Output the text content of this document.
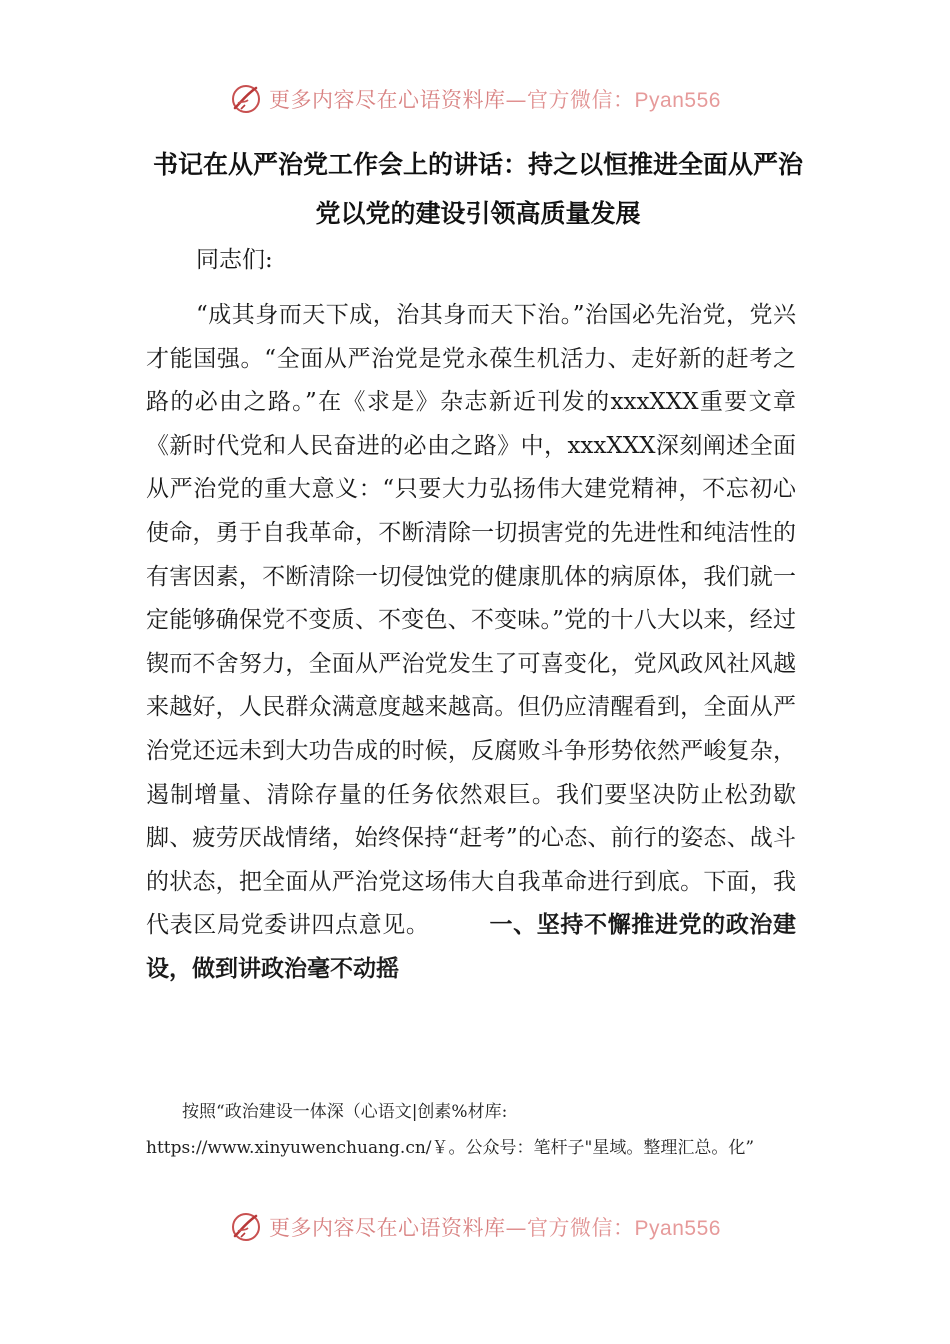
更多内容尽在心语资料库—官方微信：Pyan556
书记在从严治党工作会上的讲话：持之以恒推进全面从严治党以党的建设引领高质量发展
同志们:

“成其身而天下成，治其身而天下治。”治国必先治党，党兴才能国强。“全面从严治党是党永葆生机活力、走好新的赶考之路的必由之路。”在《求是》杂志新近刊发的xxxXXX重要文章《新时代党和人民奋进的必由之路》中，xxxXXX深刻阐述全面从严治党的重大意义：“只要大力弘扬伟大建党精神，不忘初心使命，勇于自我革命，不断清除一切损害党的先进性和纯洁性的有害因素，不断清除一切侵蚀党的健康肌体的病原体，我们就一定能够确保党不变质、不变色、不变味。”党的十八大以来，经过锲而不舍努力，全面从严治党发生了可喜变化，党风政风社风越来越好，人民群众满意度越来越高。但仍应清醒看到，全面从严治党还远未到大功告成的时候，反腐败斗争形势依然严峻复杂，遏制增量、清除存量的任务依然艰巨。我们要坚决防止松劲歇脚、疲劳厌战情绪，始终保持“赶考”的心态、前行的姿态、战斗的状态，把全面从严治党这场伟大自我革命进行到底。下面，我代表区局党委讲四点意见。	一、坚持不懈推进党的政治建设，做到讲政治毫不动摇

按照“政治建设一体深（心语文|创素%材库:
https://www.xinyuwenchuang.cn/￥。公众号：笔杆子"星域。整理汇总。化”
更多内容尽在心语资料库—官方微信：Pyan556
